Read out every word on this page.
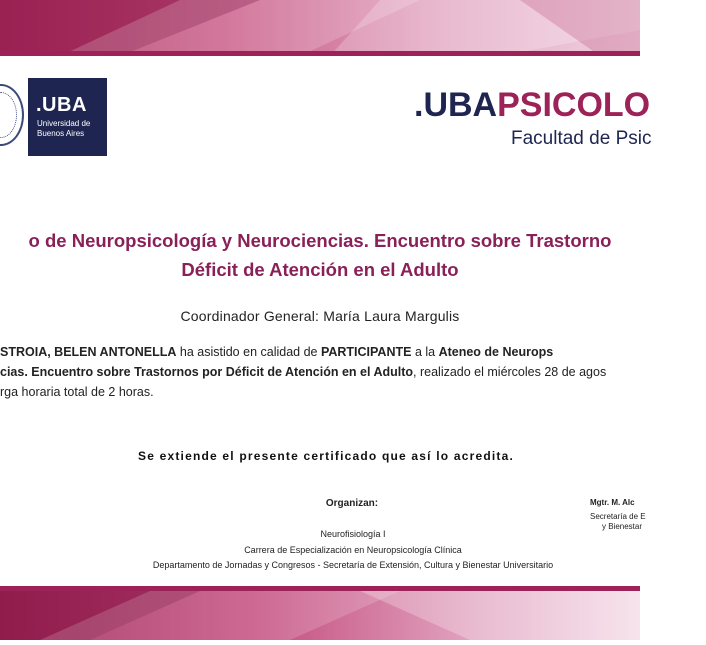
.UBA
Universidad de
Buenos Aires
.UBAPSICOLO
Facultad de Psic
o de Neuropsicología y Neurociencias. Encuentro sobre Trastorno
Déficit de Atención en el Adulto
Coordinador General: María Laura Margulis
STROIA, BELEN ANTONELLA ha asistido en calidad de PARTICIPANTE a la Ateneo de Neurops
cias. Encuentro sobre Trastornos por Déficit de Atención en el Adulto, realizado el miércoles 28 de agos
rga horaria total de 2 horas.
Se extiende el presente certificado que así lo acredita.
Organizan:
Neurofisiología I
Carrera de Especialización en Neuropsicología Clínica
Departamento de Jornadas y Congresos - Secretaría de Extensión, Cultura y Bienestar Universitario
Mgtr. M. Alc
Secretaría de E
y Bienestar
